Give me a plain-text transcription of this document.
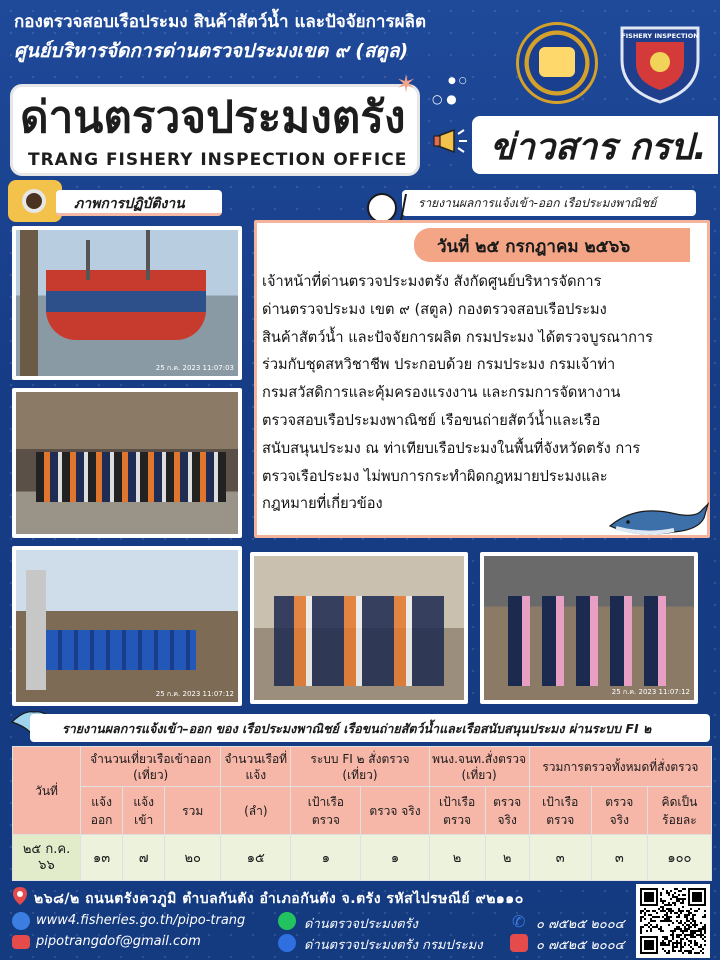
กองตรวจสอบเรือประมง สินค้าสัตว์น้ำ และปัจจัยการผลิต
ศูนย์บริหารจัดการด่านตรวจประมงเขต ๙ (สตูล)
FISHERY INSPECTION
ด่านตรวจประมงตรัง
TRANG FISHERY INSPECTION OFFICE
✶
○ ●
● ○
ข่าวสาร กรป.
ภาพการปฏิบัติงาน	รายงานผลการแจ้งเข้า-ออก เรือประมงพาณิชย์
25 ก.ค. 2023 11:07:03
25 ก.ค. 2023 11:07:12	25 ก.ค. 2023 11:07:12
วันที่ ๒๕ กรกฎาคม ๒๕๖๖
เจ้าหน้าที่ด่านตรวจประมงตรัง สังกัดศูนย์บริหารจัดการ
ด่านตรวจประมง เขต ๙ (สตูล) กองตรวจสอบเรือประมง
สินค้าสัตว์น้ำ และปัจจัยการผลิต กรมประมง ได้ตรวจบูรณาการ
ร่วมกับชุดสหวิชาชีพ ประกอบด้วย กรมประมง กรมเจ้าท่า
กรมสวัสดิการและคุ้มครองแรงงาน และกรมการจัดหางาน
ตรวจสอบเรือประมงพาณิชย์ เรือขนถ่ายสัตว์น้ำและเรือ
สนับสนุนประมง ณ ท่าเทียบเรือประมงในพื้นที่จังหวัดตรัง การ
ตรวจเรือประมง ไม่พบการกระทำผิดกฎหมายประมงและ
กฎหมายที่เกี่ยวข้อง
รายงานผลการแจ้งเข้า–ออก ของ เรือประมงพาณิชย์ เรือขนถ่ายสัตว์น้ำและเรือสนับสนุนประมง ผ่านระบบ FI ๒
วันที่	จำนวนเที่ยวเรือเข้าออก (เที่ยว)			จำนวนเรือที่แจ้ง	ระบบ FI ๒ สั่งตรวจ (เที่ยว)		พนง.จนท.สั่งตรวจ (เที่ยว)		รวมการตรวจทั้งหมดที่สั่งตรวจ		
	แจ้ง ออก	แจ้ง เข้า	รวม	(ลำ)	เป้าเรือ ตรวจ	ตรวจ จริง	เป้าเรือ ตรวจ	ตรวจ จริง	เป้าเรือ ตรวจ	ตรวจ จริง	คิดเป็น ร้อยละ
๒๕ ก.ค. ๖๖	๑๓	๗	๒๐	๑๕	๑	๑	๒	๒	๓	๓	๑๐๐
๒๖๘/๒ ถนนตรังควภูมิ ตำบลกันตัง อำเภอกันตัง จ.ตรัง รหัสไปรษณีย์ ๙๒๑๑๐
www4.fisheries.go.th/pipo-trang	ด่านตรวจประมงตรัง	✆ ๐ ๗๕๒๕ ๒๐๐๔
pipotrangdof@gmail.com	ด่านตรวจประมงตรัง กรมประมง	๐ ๗๕๒๕ ๒๐๐๔
